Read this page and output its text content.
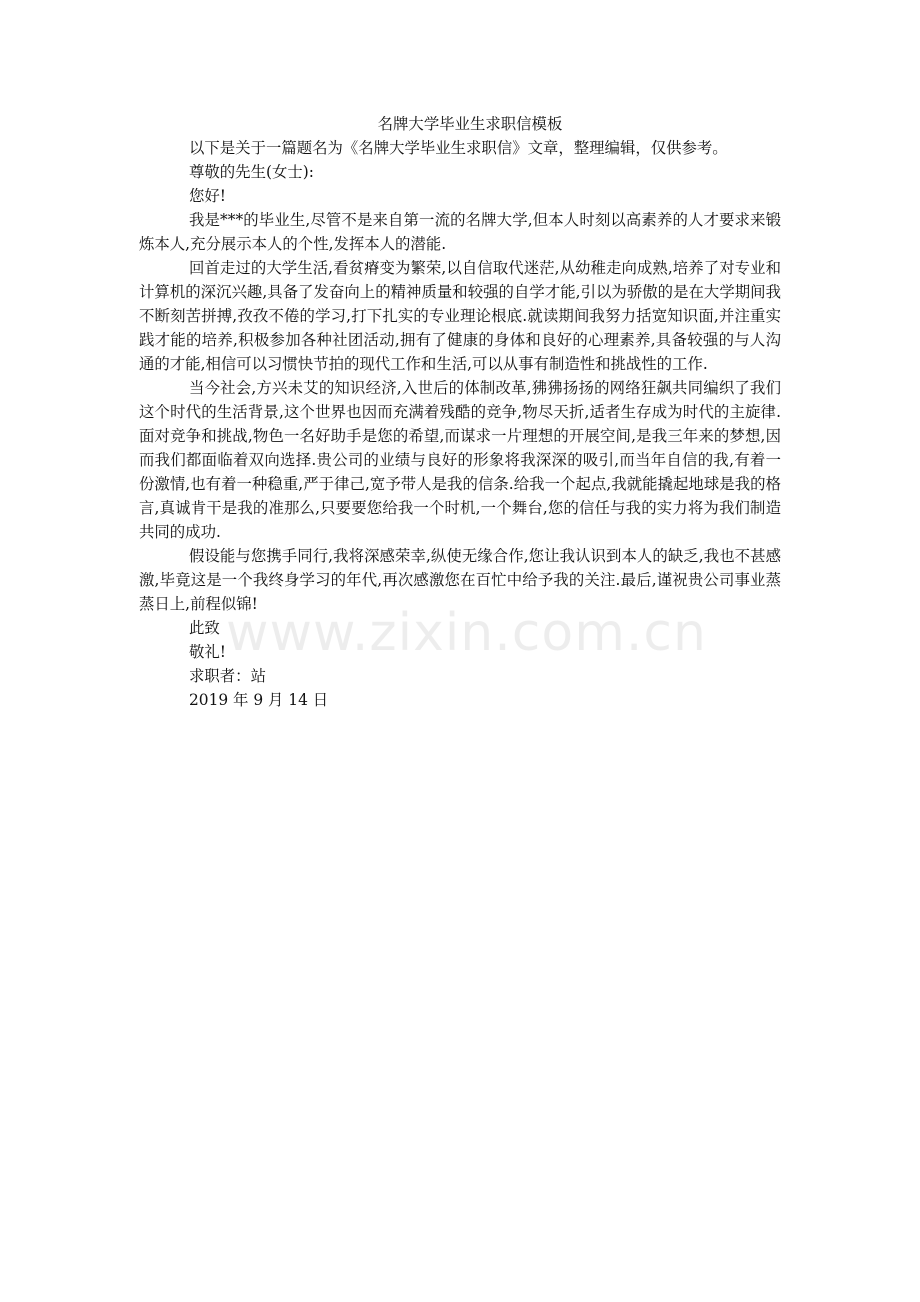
名牌大学毕业生求职信模板

以下是关于一篇题名为《名牌大学毕业生求职信》文章，整理编辑，仅供参考。

尊敬的先生(女士):

您好!

我是***的毕业生,尽管不是来自第一流的名牌大学,但本人时刻以高素养的人才要求来锻炼本人,充分展示本人的个性,发挥本人的潜能.

回首走过的大学生活,看贫瘠变为繁荣,以自信取代迷茫,从幼稚走向成熟,培养了对专业和计算机的深沉兴趣,具备了发奋向上的精神质量和较强的自学才能,引以为骄傲的是在大学期间我不断刻苦拼搏,孜孜不倦的学习,打下扎实的专业理论根底.就读期间我努力括宽知识面,并注重实践才能的培养,积极参加各种社团活动,拥有了健康的身体和良好的心理素养,具备较强的与人沟通的才能,相信可以习惯快节拍的现代工作和生活,可以从事有制造性和挑战性的工作.

当今社会,方兴未艾的知识经济,入世后的体制改革,狒狒扬扬的网络狂飙共同编织了我们这个时代的生活背景,这个世界也因而充满着残酷的竞争,物尽天折,适者生存成为时代的主旋律.面对竞争和挑战,物色一名好助手是您的希望,而谋求一片理想的开展空间,是我三年来的梦想,因而我们都面临着双向选择.贵公司的业绩与良好的形象将我深深的吸引,而当年自信的我,有着一份激情,也有着一种稳重,严于律己,宽予带人是我的信条.给我一个起点,我就能撬起地球是我的格言,真诚肯干是我的准那么,只要要您给我一个时机,一个舞台,您的信任与我的实力将为我们制造共同的成功.

假设能与您携手同行,我将深感荣幸,纵使无缘合作,您让我认识到本人的缺乏,我也不甚感激,毕竟这是一个我终身学习的年代,再次感激您在百忙中给予我的关注.最后,谨祝贵公司事业蒸蒸日上,前程似锦!

此致

敬礼!

求职者：站

2019 年 9 月 14 日

www.zixin.com.cn
